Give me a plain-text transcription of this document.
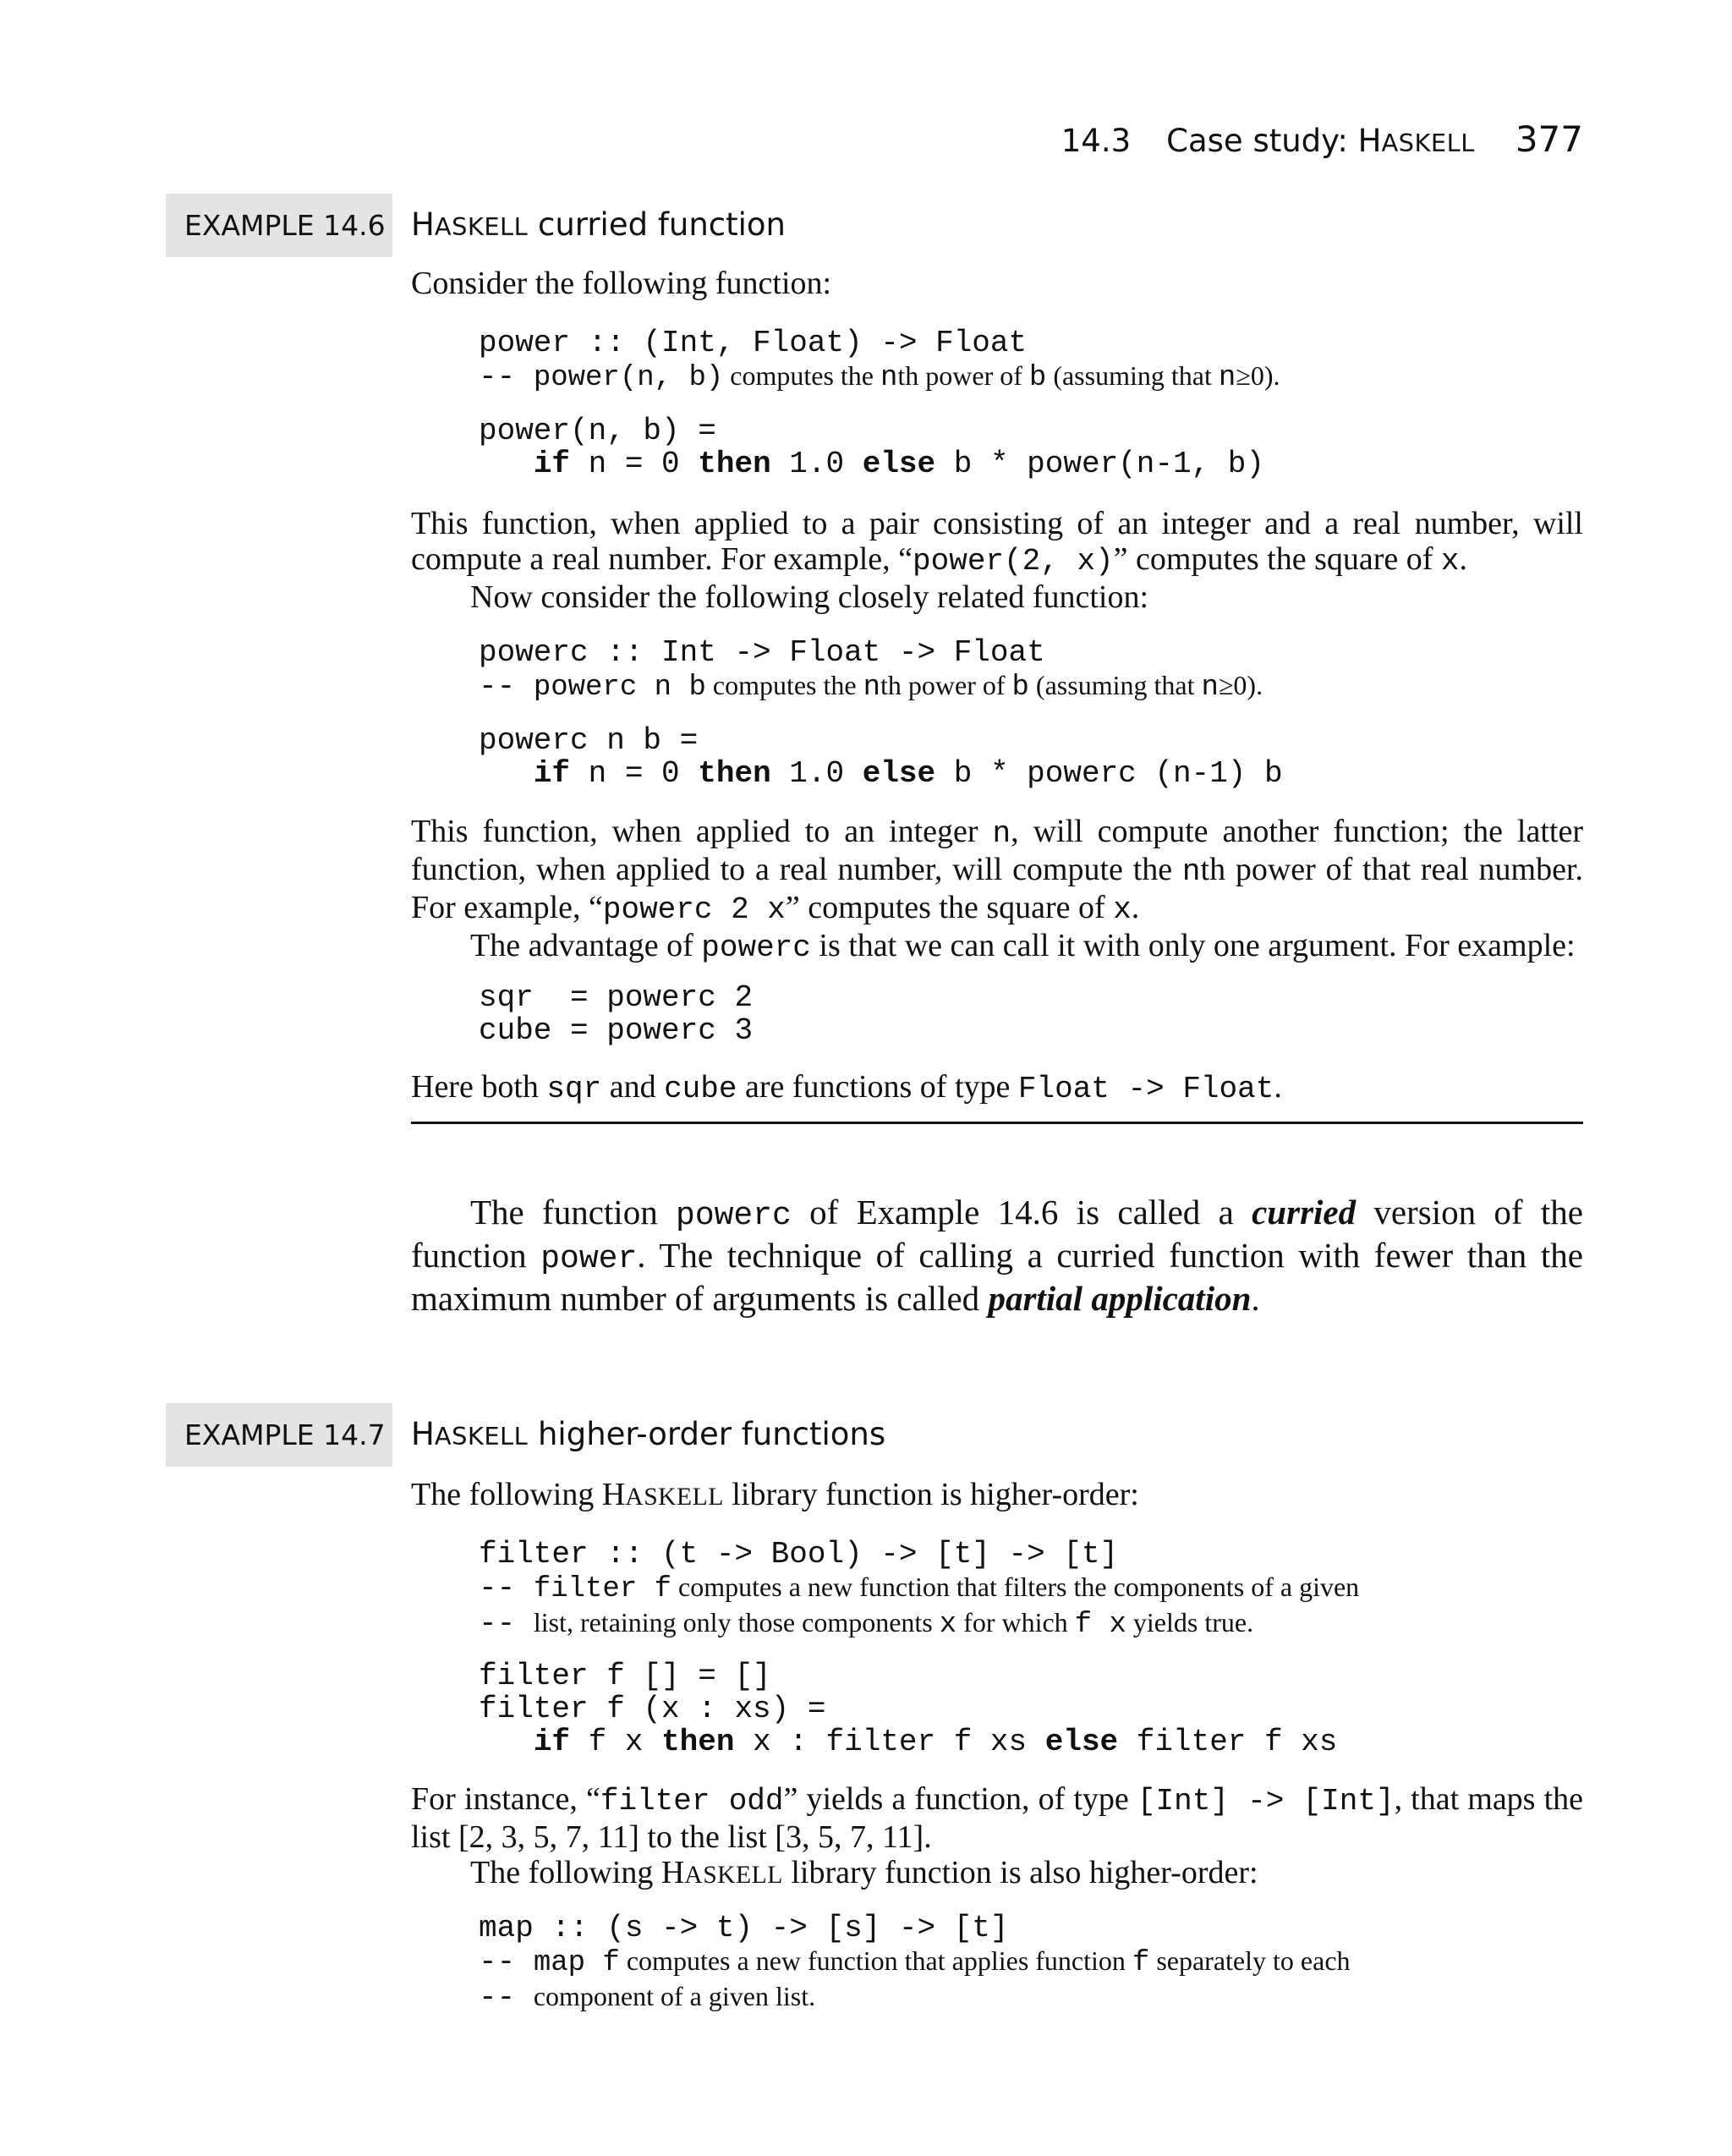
14.3 Case study: HASKELL 377
EXAMPLE 14.6 HASKELL curried function

Consider the following function:

power :: (Int, Float) -> Float
-- power(n, b) computes the nth power of b (assuming that n≥0).
power(n, b) =
if n = 0 then 1.0 else b * power(n-1, b)

This function, when applied to a pair consisting of an integer and a real number, will compute a real number. For example, “power(2, x)” computes the square of x.

Now consider the following closely related function:

powerc :: Int -> Float -> Float
-- powerc n b computes the nth power of b (assuming that n≥0).
powerc n b =
if n = 0 then 1.0 else b * powerc (n-1) b

This function, when applied to an integer n, will compute another function; the latter function, when applied to a real number, will compute the nth power of that real number. For example, “powerc 2 x” computes the square of x.

The advantage of powerc is that we can call it with only one argument. For example:

sqr  = powerc 2
cube = powerc 3

Here both sqr and cube are functions of type Float -> Float.

The function powerc of Example 14.6 is called a curried version of the function power. The technique of calling a curried function with fewer than the maximum number of arguments is called partial application.

EXAMPLE 14.7 HASKELL higher-order functions

The following HASKELL library function is higher-order:

filter :: (t -> Bool) -> [t] -> [t]
-- filter f computes a new function that filters the components of a given
-- list, retaining only those components x for which f x yields true.
filter f [] = []
filter f (x : xs) =
if f x then x : filter f xs else filter f xs

For instance, “filter odd” yields a function, of type [Int] -> [Int], that maps the list [2, 3, 5, 7, 11] to the list [3, 5, 7, 11].

The following HASKELL library function is also higher-order:

map :: (s -> t) -> [s] -> [t]
-- map f computes a new function that applies function f separately to each
-- component of a given list.
